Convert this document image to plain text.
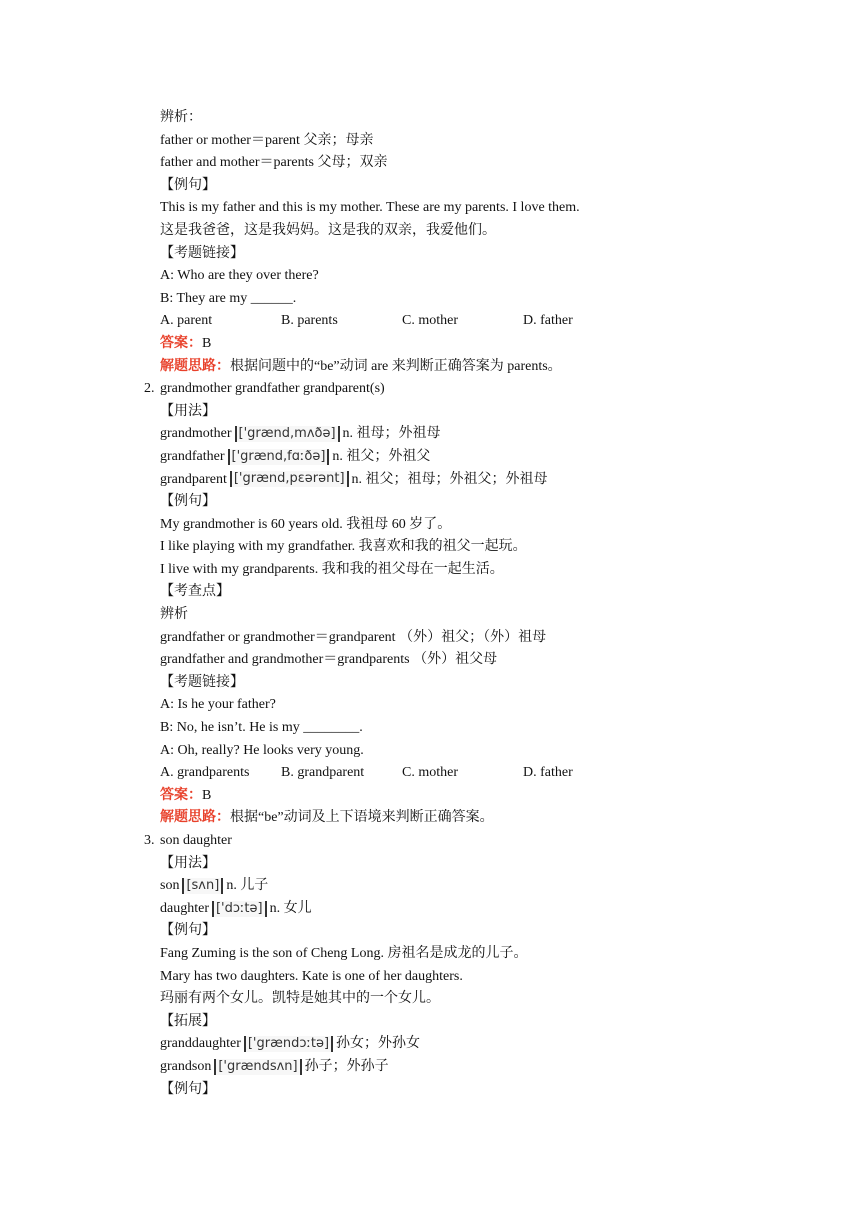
辨析：
father or mother＝parent 父亲；母亲
father and mother＝parents 父母；双亲
【例句】
This is my father and this is my mother. These are my parents. I love them.
这是我爸爸，这是我妈妈。这是我的双亲，我爱他们。
【考题链接】
A: Who are they over there?
B: They are my ______.
A. parent	B. parents	C. mother	D. father
答案：B
解题思路：根据问题中的“be”动词 are 来判断正确答案为 parents。
2. grandmother grandfather grandparent(s)
【用法】
grandmother ['grænd,mʌðə] n. 祖母；外祖母
grandfather ['grænd,fɑːðə] n. 祖父；外祖父
grandparent ['grænd,pɛərənt] n. 祖父；祖母；外祖父；外祖母
【例句】
My grandmother is 60 years old. 我祖母 60 岁了。
I like playing with my grandfather. 我喜欢和我的祖父一起玩。
I live with my grandparents. 我和我的祖父母在一起生活。
【考查点】
辨析
grandfather or grandmother＝grandparent （外）祖父；（外）祖母
grandfather and grandmother＝grandparents （外）祖父母
【考题链接】
A: Is he your father?
B: No, he isn’t. He is my ________.
A: Oh, really? He looks very young.
A. grandparents B. grandparent	C. mother	D. father
答案：B
解题思路：根据“be”动词及上下语境来判断正确答案。
3. son daughter
【用法】
son [sʌn] n. 儿子
daughter ['dɔːtə] n. 女儿
【例句】
Fang Zuming is the son of Cheng Long. 房祖名是成龙的儿子。
Mary has two daughters. Kate is one of her daughters.
玛丽有两个女儿。凯特是她其中的一个女儿。
【拓展】
granddaughter ['grændɔːtə] 孙女；外孙女
grandson ['grændsʌn] 孙子；外孙子
【例句】
